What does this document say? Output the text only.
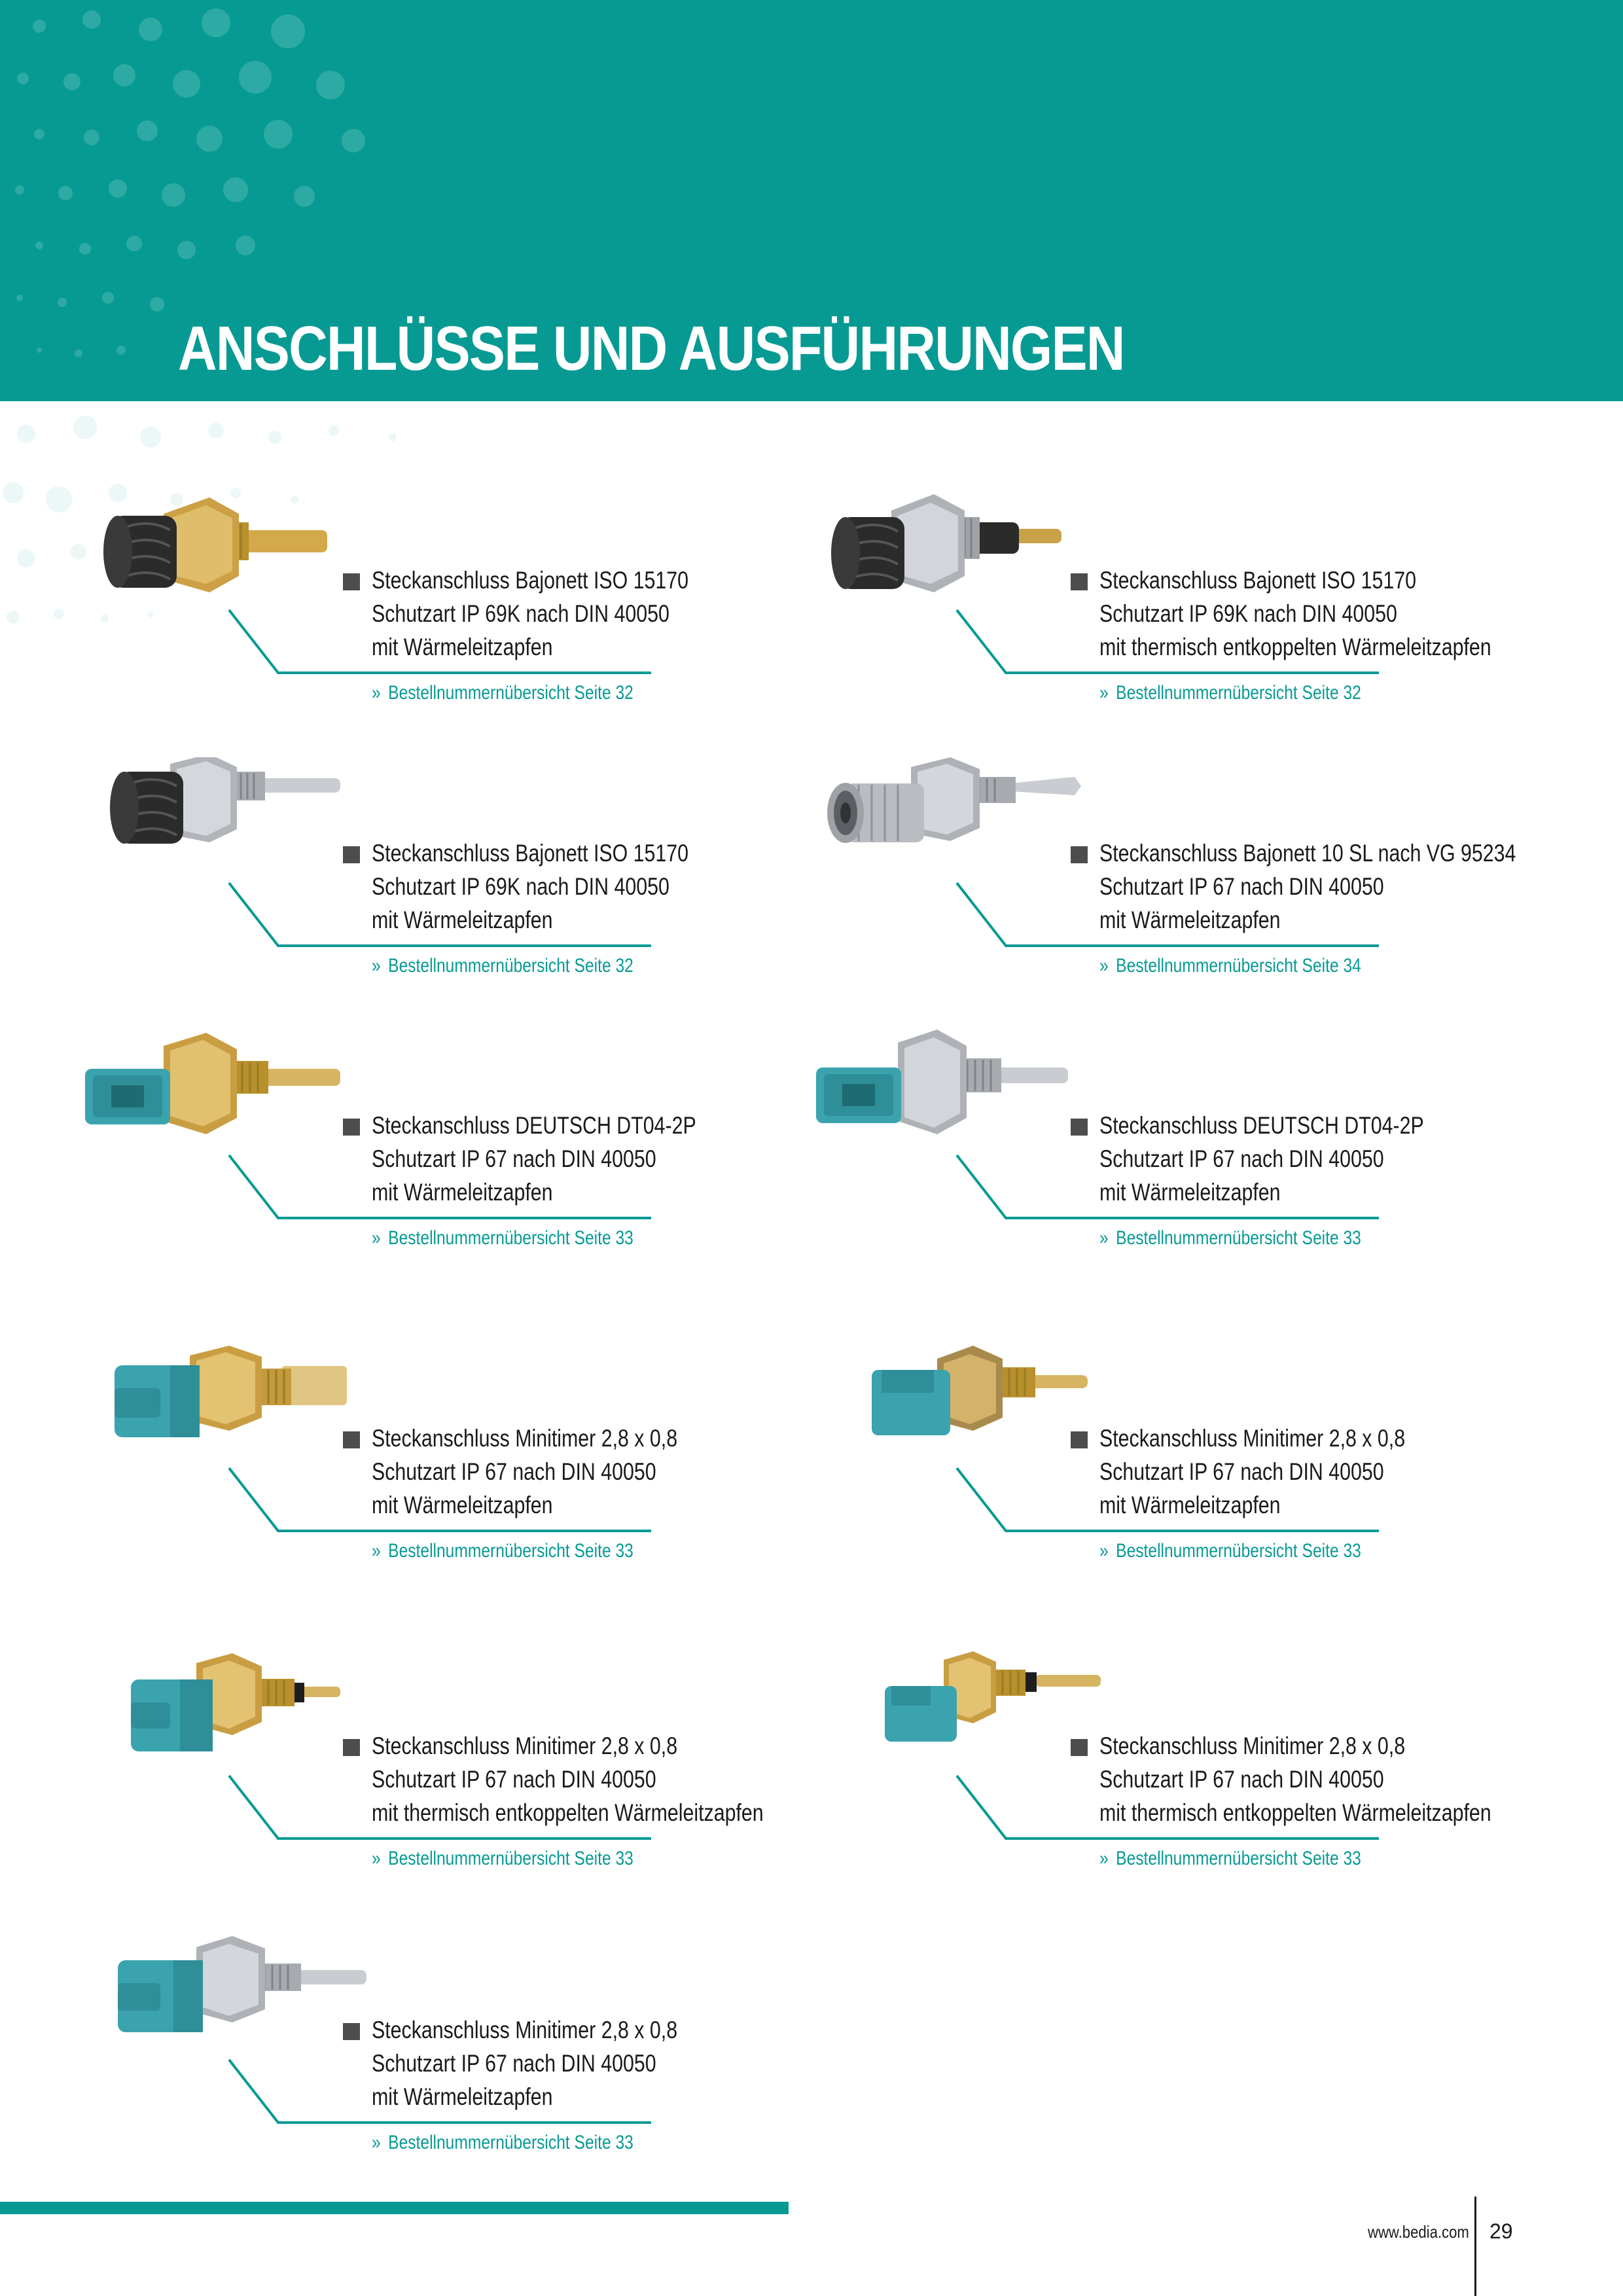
ANSCHLÜSSE UND AUSFÜHRUNGEN
Steckanschluss Bajonett ISO 15170
Schutzart IP 69K nach DIN 40050
mit Wärmeleitzapfen
» Bestellnummernübersicht Seite 32
Steckanschluss Bajonett ISO 15170
Schutzart IP 69K nach DIN 40050
mit thermisch entkoppelten Wärmeleitzapfen
» Bestellnummernübersicht Seite 32
Steckanschluss Bajonett ISO 15170
Schutzart IP 69K nach DIN 40050
mit Wärmeleitzapfen
» Bestellnummernübersicht Seite 32
Steckanschluss Bajonett 10 SL nach VG 95234
Schutzart IP 67 nach DIN 40050
mit Wärmeleitzapfen
» Bestellnummernübersicht Seite 34
Steckanschluss DEUTSCH DT04-2P
Schutzart IP 67 nach DIN 40050
mit Wärmeleitzapfen
» Bestellnummernübersicht Seite 33
Steckanschluss DEUTSCH DT04-2P
Schutzart IP 67 nach DIN 40050
mit Wärmeleitzapfen
» Bestellnummernübersicht Seite 33
Steckanschluss Minitimer 2,8 x 0,8
Schutzart IP 67 nach DIN 40050
mit Wärmeleitzapfen
» Bestellnummernübersicht Seite 33
Steckanschluss Minitimer 2,8 x 0,8
Schutzart IP 67 nach DIN 40050
mit Wärmeleitzapfen
» Bestellnummernübersicht Seite 33
Steckanschluss Minitimer 2,8 x 0,8
Schutzart IP 67 nach DIN 40050
mit thermisch entkoppelten Wärmeleitzapfen
» Bestellnummernübersicht Seite 33
Steckanschluss Minitimer 2,8 x 0,8
Schutzart IP 67 nach DIN 40050
mit thermisch entkoppelten Wärmeleitzapfen
» Bestellnummernübersicht Seite 33
Steckanschluss Minitimer 2,8 x 0,8
Schutzart IP 67 nach DIN 40050
mit Wärmeleitzapfen
» Bestellnummernübersicht Seite 33
www.bedia.com 29
